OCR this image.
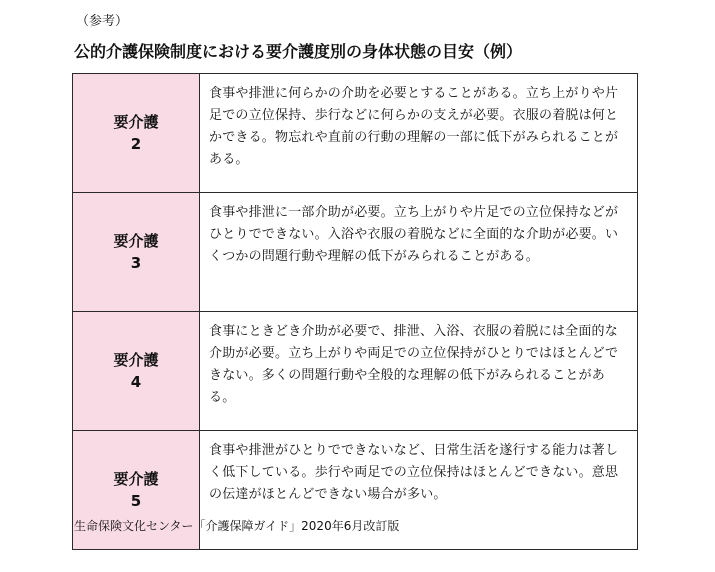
（参考）
公的介護保険制度における要介護度別の身体状態の目安（例）
要介護
2	食事や排泄に何らかの介助を必要とすることがある。立ち上がりや片足での立位保持、歩行などに何らかの支えが必要。衣服の着脱は何とかできる。物忘れや直前の行動の理解の一部に低下がみられることがある。

要介護
3	食事や排泄に一部介助が必要。立ち上がりや片足での立位保持などがひとりでできない。入浴や衣服の着脱などに全面的な介助が必要。いくつかの問題行動や理解の低下がみられることがある。

要介護
4	食事にときどき介助が必要で、排泄、入浴、衣服の着脱には全面的な介助が必要。立ち上がりや両足での立位保持がひとりではほとんどできない。多くの問題行動や全般的な理解の低下がみられることがある。

要介護
5	食事や排泄がひとりでできないなど、日常生活を遂行する能力は著しく低下している。歩行や両足での立位保持はほとんどできない。意思の伝達がほとんどできない場合が多い。
生命保険文化センター「介護保障ガイド」2020年6月改訂版
